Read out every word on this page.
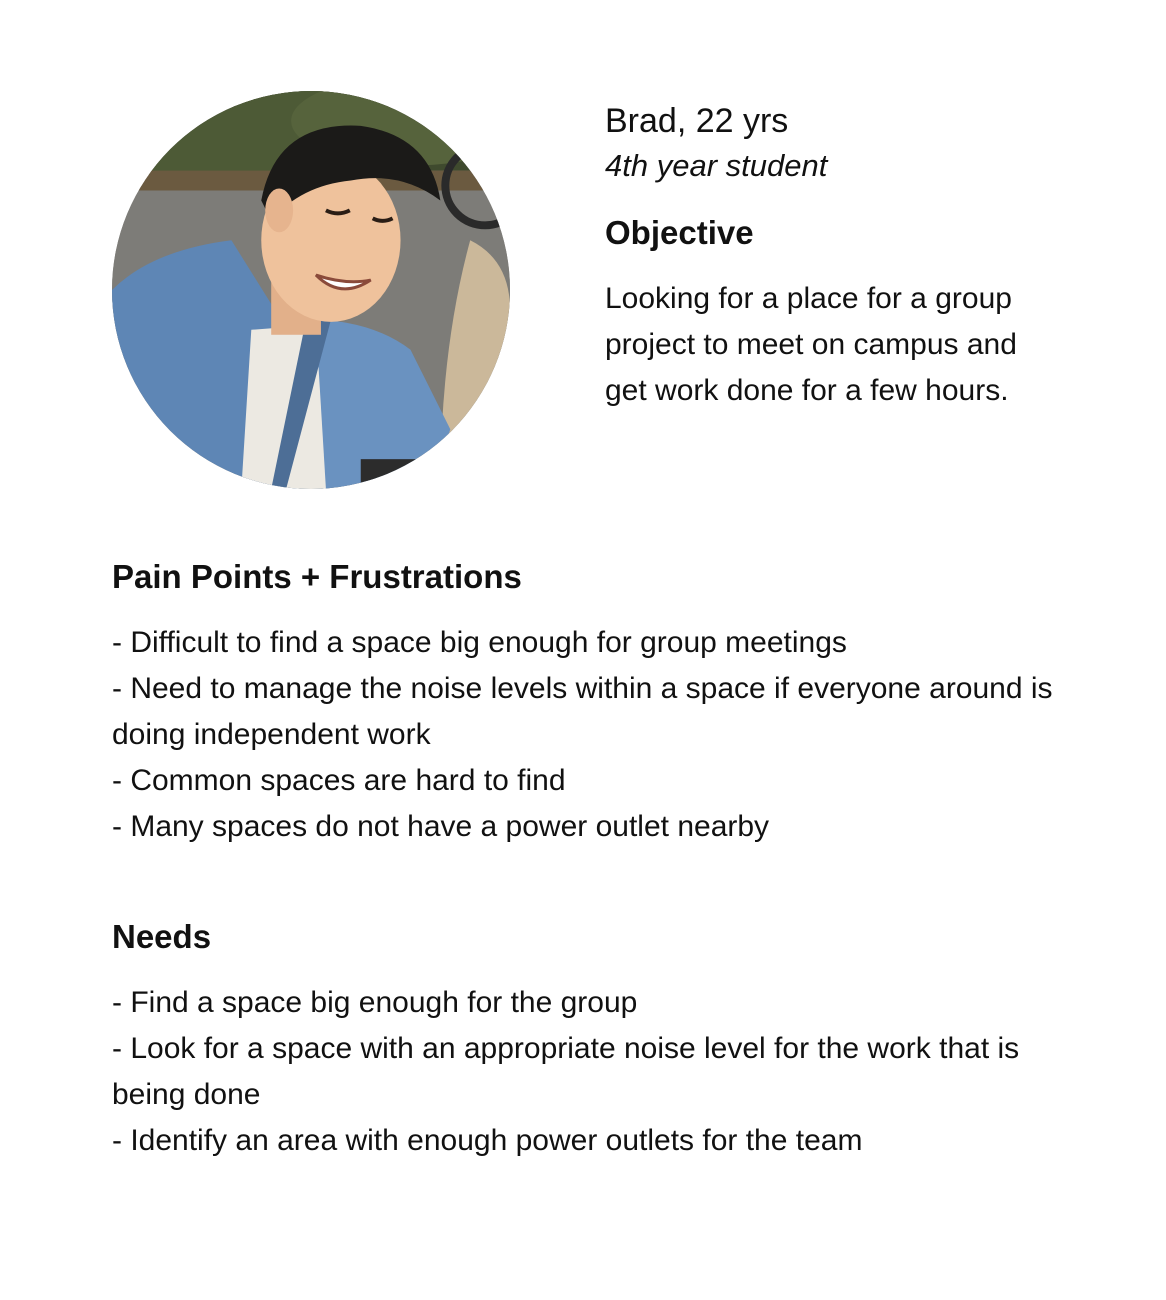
Brad, 22 yrs

4th year student

Objective

Looking for a place for a group project to meet on campus and get work done for a few hours.

Pain Points + Frustrations
- Difficult to find a space big enough for group meetings
- Need to manage the noise levels within a space if everyone around is doing independent work
- Common spaces are hard to find
- Many spaces do not have a power outlet nearby
Needs
- Find a space big enough for the group
- Look for a space with an appropriate noise level for the work that is being done
- Identify an area with enough power outlets for the team
